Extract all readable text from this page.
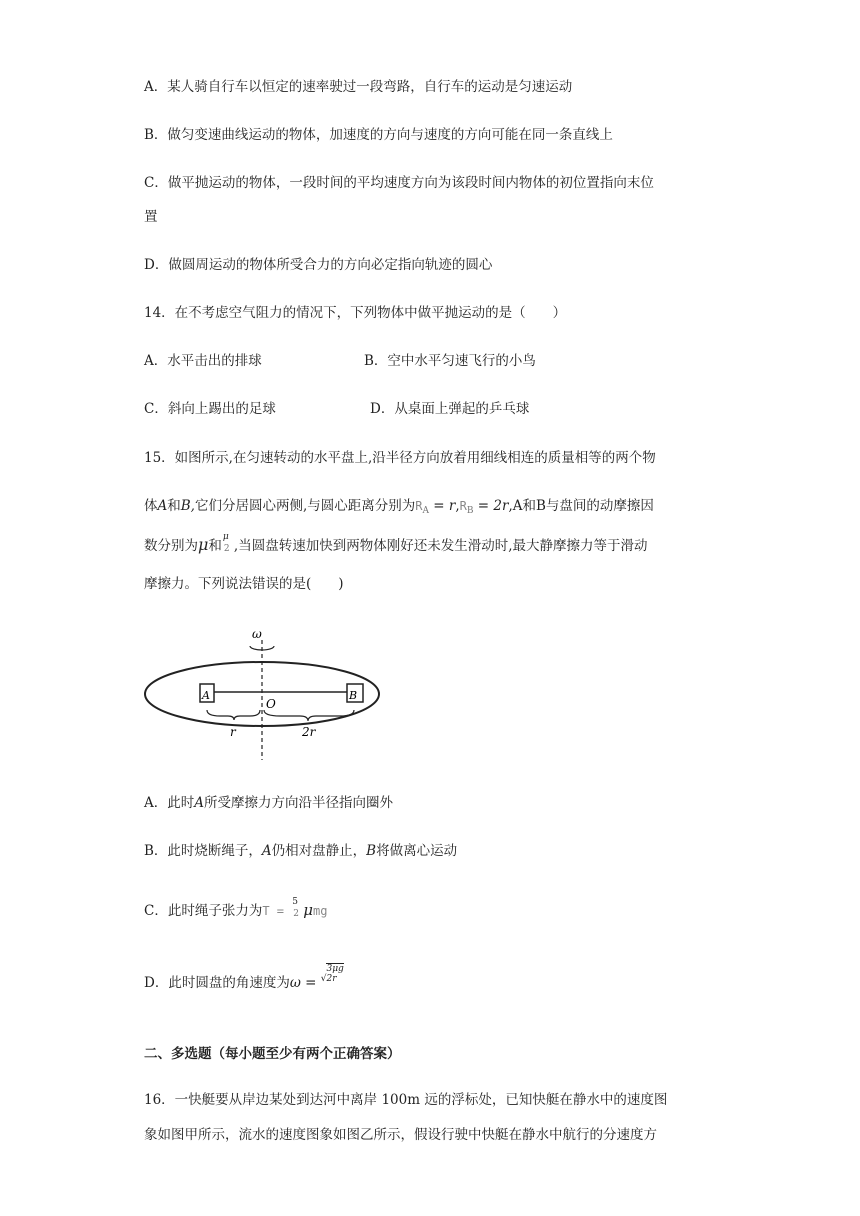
A．某人骑自行车以恒定的速率驶过一段弯路，自行车的运动是匀速运动
B．做匀变速曲线运动的物体，加速度的方向与速度的方向可能在同一条直线上
C．做平抛运动的物体，一段时间的平均速度方向为该段时间内物体的初位置指向末位
置
D．做圆周运动的物体所受合力的方向必定指向轨迹的圆心
14．在不考虑空气阻力的情况下，下列物体中做平抛运动的是（　　）
A．水平击出的排球	B．空中水平匀速飞行的小鸟
C．斜向上踢出的足球	D．从桌面上弹起的乒乓球
15．如图所示,在匀速转动的水平盘上,沿半径方向放着用细线相连的质量相等的两个物
体A和B,它们分居圆心两侧,与圆心距离分别为$R_A = r,R_B = 2r,A$和B与盘间的动摩擦因
数分别为μ和
μ
2 ,当圆盘转速加快到两物体刚好还未发生滑动时,最大静摩擦力等于滑动
摩擦力。下列说法错误的是(　　)
ω
A	B
O
r	2r
A．此时A所受摩擦力方向沿半径指向圈外
B．此时烧断绳子，A仍相对盘静止，B将做离心运动
C．此时绳子张力为T =
5
2 μmg
D．此时圆盘的角速度为ω = √
3μg
2r
二、多选题（每小题至少有两个正确答案）
16．一快艇要从岸边某处到达河中离岸 100m 远的浮标处，已知快艇在静水中的速度图
象如图甲所示，流水的速度图象如图乙所示，假设行驶中快艇在静水中航行的分速度方
